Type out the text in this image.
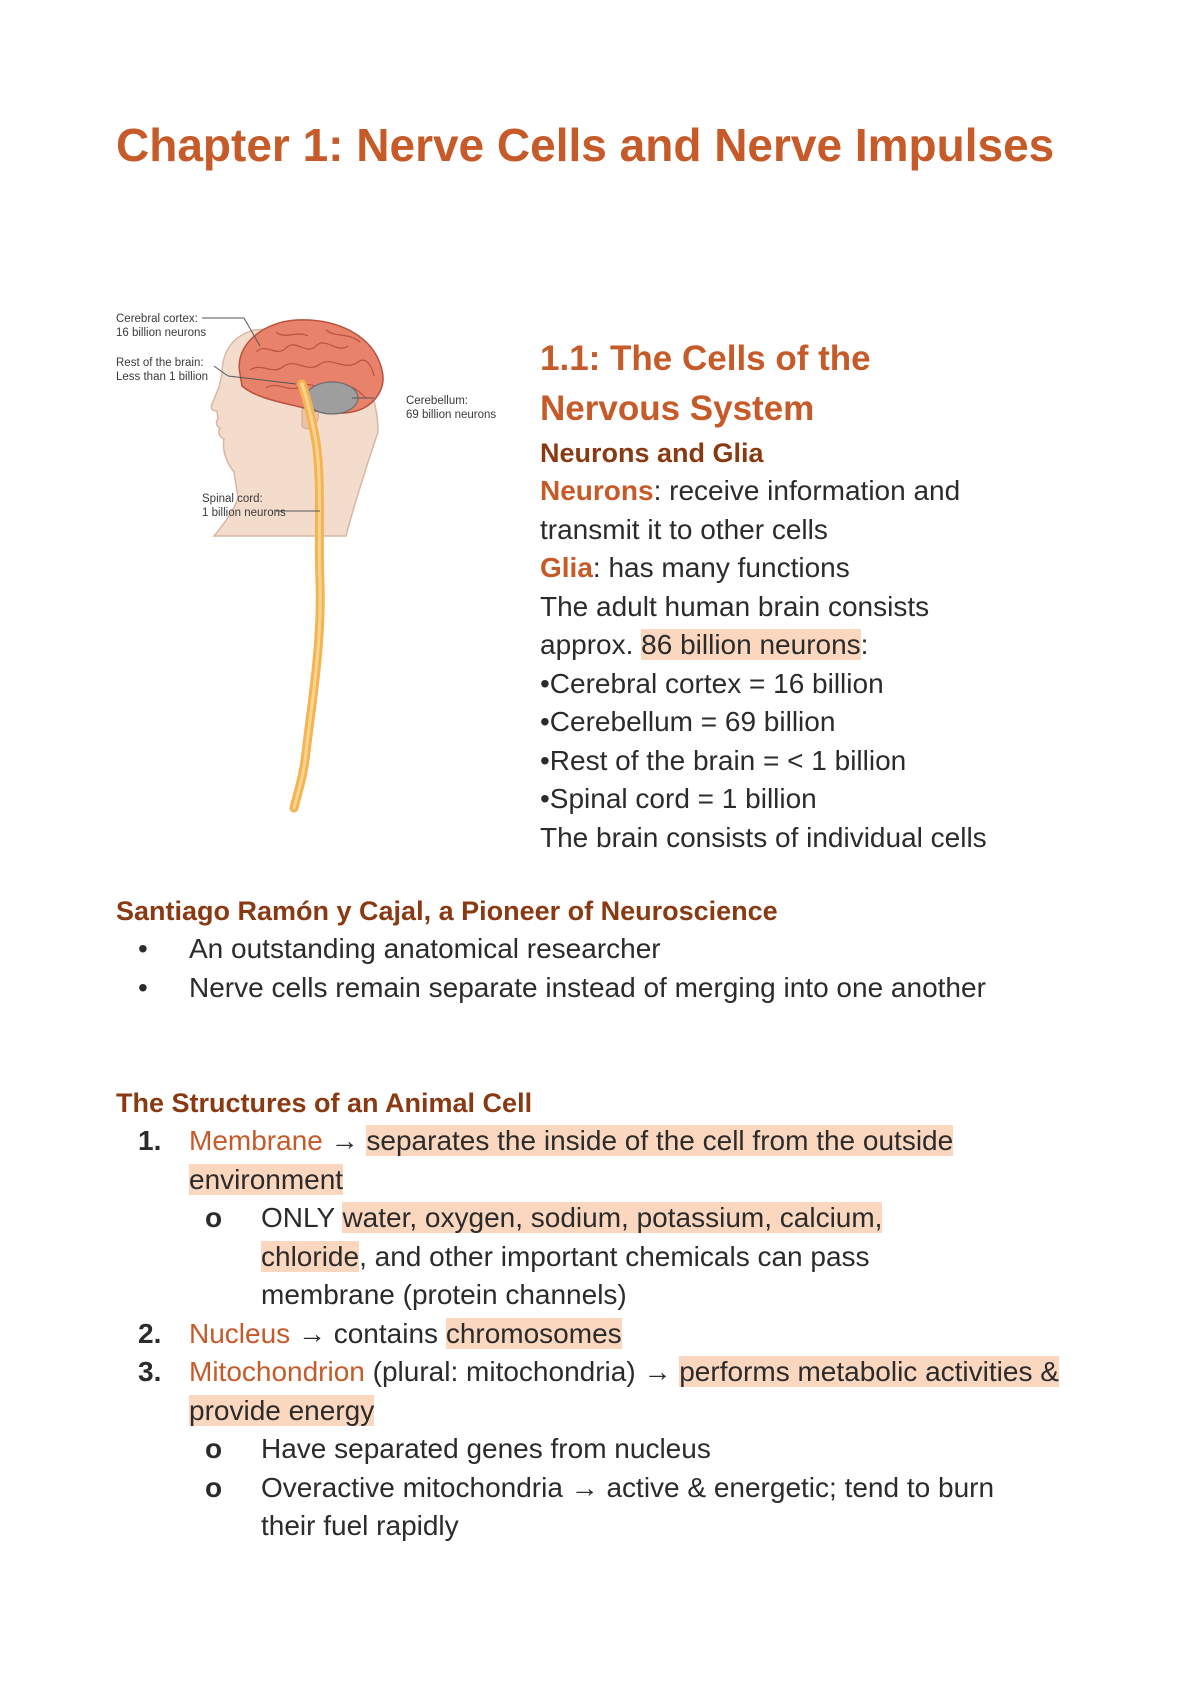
Chapter 1: Nerve Cells and Nerve Impulses
Cerebral cortex:
16 billion neurons
Rest of the brain:
Less than 1 billion
Cerebellum:
69 billion neurons
Spinal cord:
1 billion neurons

1.1: The Cells of the

Nervous System

Neurons and Glia

Neurons: receive information and

transmit it to other cells

Glia: has many functions

The adult human brain consists

approx. 86 billion neurons:

•Cerebral cortex = 16 billion

•Cerebellum = 69 billion

•Rest of the brain = < 1 billion

•Spinal cord = 1 billion

The brain consists of individual cells

Santiago Ramón y Cajal, a Pioneer of Neuroscience

• An outstanding anatomical researcher
• Nerve cells remain separate instead of merging into one another

The Structures of an Animal Cell

1. Membrane → separates the inside of the cell from the outside environment
o ONLY water, oxygen, sodium, potassium, calcium, chloride, and other important chemicals can pass membrane (protein channels)
2. Nucleus → contains chromosomes
3. Mitochondrion (plural: mitochondria) → performs metabolic activities & provide energy
o Have separated genes from nucleus
o Overactive mitochondria → active & energetic; tend to burn their fuel rapidly
